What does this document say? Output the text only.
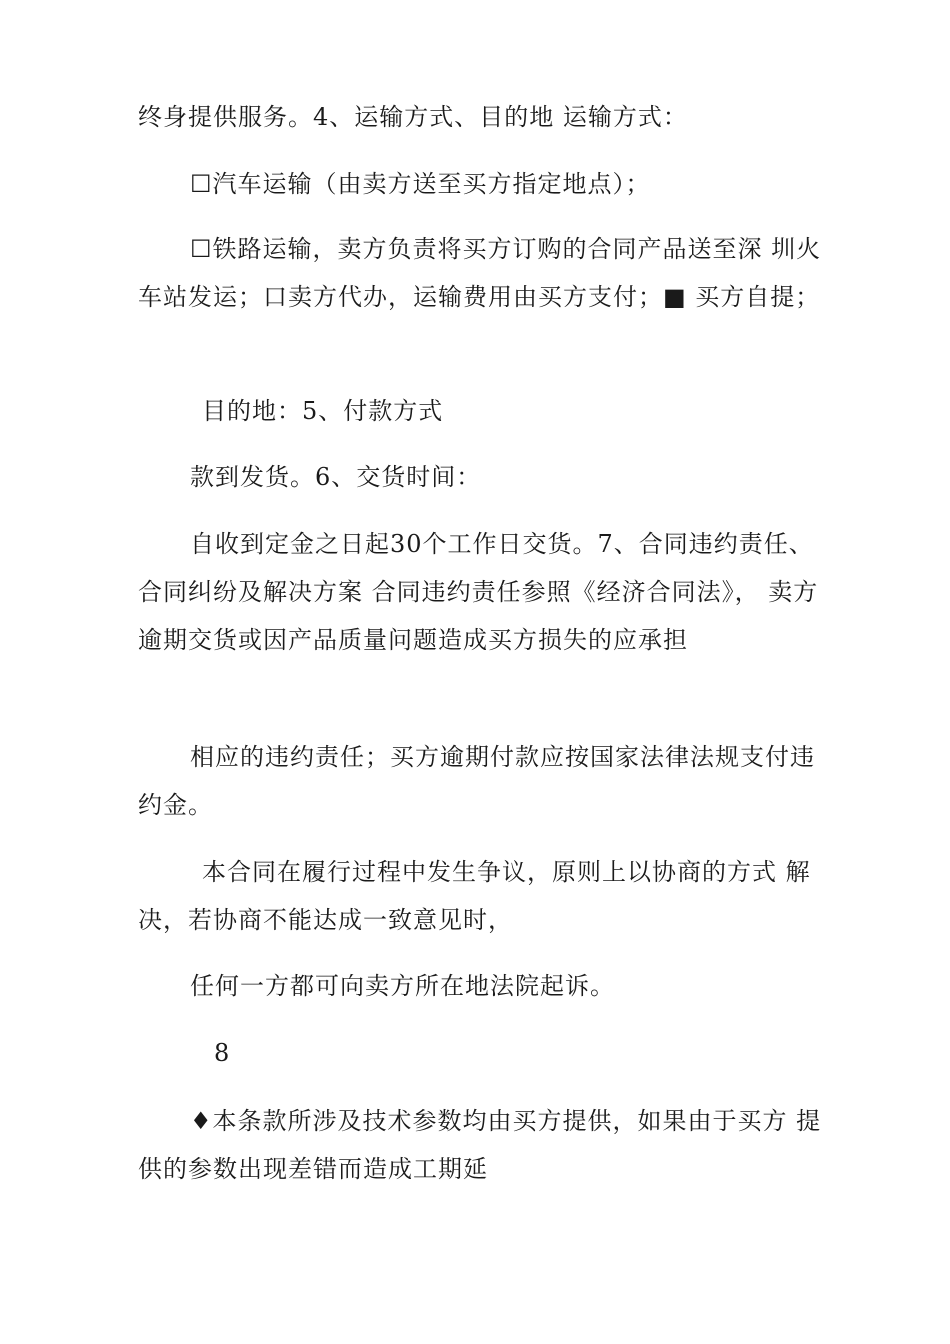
终身提供服务。4、运输方式、目的地 运输方式：

☐汽车运输（由卖方送至买方指定地点）；

☐铁路运输，卖方负责将买方订购的合同产品送至深 圳火车站发运；口卖方代办，运输费用由买方支付；■ 买方自提；

目的地：5、付款方式

款到发货。6、交货时间：

自收到定金之日起30个工作日交货。7、合同违约责任、合同纠纷及解决方案 合同违约责任参照《经济合同法》， 卖方逾期交货或因产品质量问题造成买方损失的应承担

相应的违约责任；买方逾期付款应按国家法律法规支付违约金。

本合同在履行过程中发生争议，原则上以协商的方式 解决，若协商不能达成一致意见时，

任何一方都可向卖方所在地法院起诉。

8

♦本条款所涉及技术参数均由买方提供，如果由于买方 提供的参数出现差错而造成工期延
